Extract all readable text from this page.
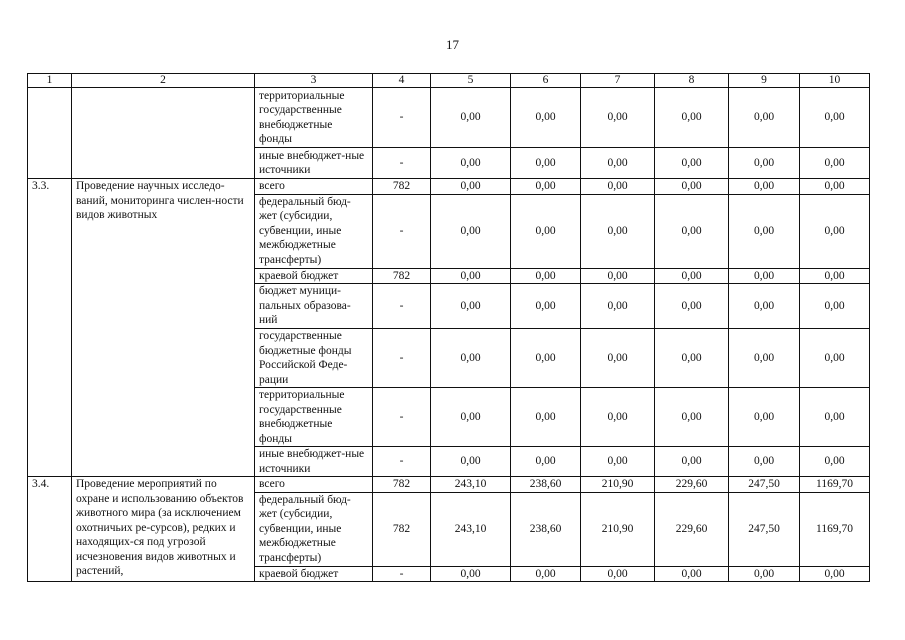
17
1	2	3	4	5	6	7	8	9	10
		территориальные государственные внебюджетные фонды	-	0,00	0,00	0,00	0,00	0,00	0,00
		иные внебюджет-ные источники	-	0,00	0,00	0,00	0,00	0,00	0,00
3.3.	Проведение научных исследо-ваний, мониторинга числен-ности видов животных	всего	782	0,00	0,00	0,00	0,00	0,00	0,00
		федеральный бюд-жет (субсидии, субвенции, иные межбюджетные трансферты)	-	0,00	0,00	0,00	0,00	0,00	0,00
		краевой бюджет	782	0,00	0,00	0,00	0,00	0,00	0,00
		бюджет муници-пальных образова-ний	-	0,00	0,00	0,00	0,00	0,00	0,00
		государственные бюджетные фонды Российской Феде-рации	-	0,00	0,00	0,00	0,00	0,00	0,00
		территориальные государственные внебюджетные фонды	-	0,00	0,00	0,00	0,00	0,00	0,00
		иные внебюджет-ные источники	-	0,00	0,00	0,00	0,00	0,00	0,00
3.4.	Проведение мероприятий по охране и использованию объектов животного мира (за исключением охотничьих ре-сурсов), редких и находящих-ся под угрозой исчезновения видов животных и растений,	всего	782	243,10	238,60	210,90	229,60	247,50	1169,70
		федеральный бюд-жет (субсидии, субвенции, иные межбюджетные трансферты)	782	243,10	238,60	210,90	229,60	247,50	1169,70
		краевой бюджет	-	0,00	0,00	0,00	0,00	0,00	0,00
